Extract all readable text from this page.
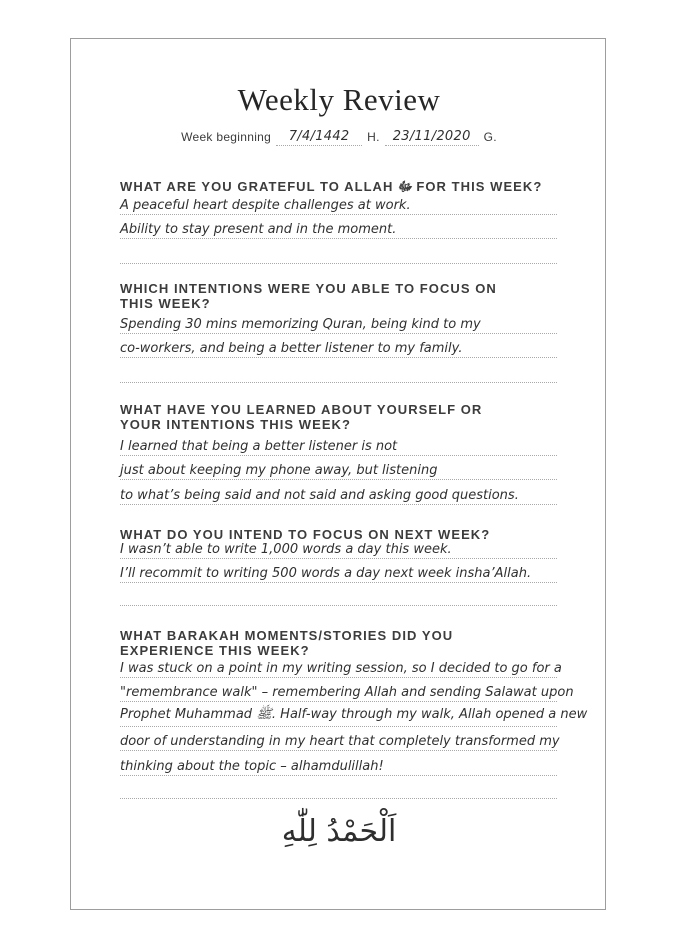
Weekly Review
Week beginning	7/4/1442	H.	23/11/2020	G.
WHAT ARE YOU GRATEFUL TO ALLAH ﷻ FOR THIS WEEK?
A peaceful heart despite challenges at work.
Ability to stay present and in the moment.
WHICH INTENTIONS WERE YOU ABLE TO FOCUS ON
THIS WEEK?
Spending 30 mins memorizing Quran, being kind to my
co-workers, and being a better listener to my family.
WHAT HAVE YOU LEARNED ABOUT YOURSELF OR
YOUR INTENTIONS THIS WEEK?
I learned that being a better listener is not
just about keeping my phone away, but listening
to what’s being said and not said and asking good questions.
WHAT DO YOU INTEND TO FOCUS ON NEXT WEEK?
I wasn’t able to write 1,000 words a day this week.
I’ll recommit to writing 500 words a day next week insha’Allah.
WHAT BARAKAH MOMENTS/STORIES DID YOU
EXPERIENCE THIS WEEK?
I was stuck on a point in my writing session, so I decided to go for a
"remembrance walk" – remembering Allah and sending Salawat upon
Prophet Muhammad ﷺ. Half-way through my walk, Allah opened a new
door of understanding in my heart that completely transformed my
thinking about the topic – alhamdulillah!
اَلْحَمْدُ لِلّٰهِ
